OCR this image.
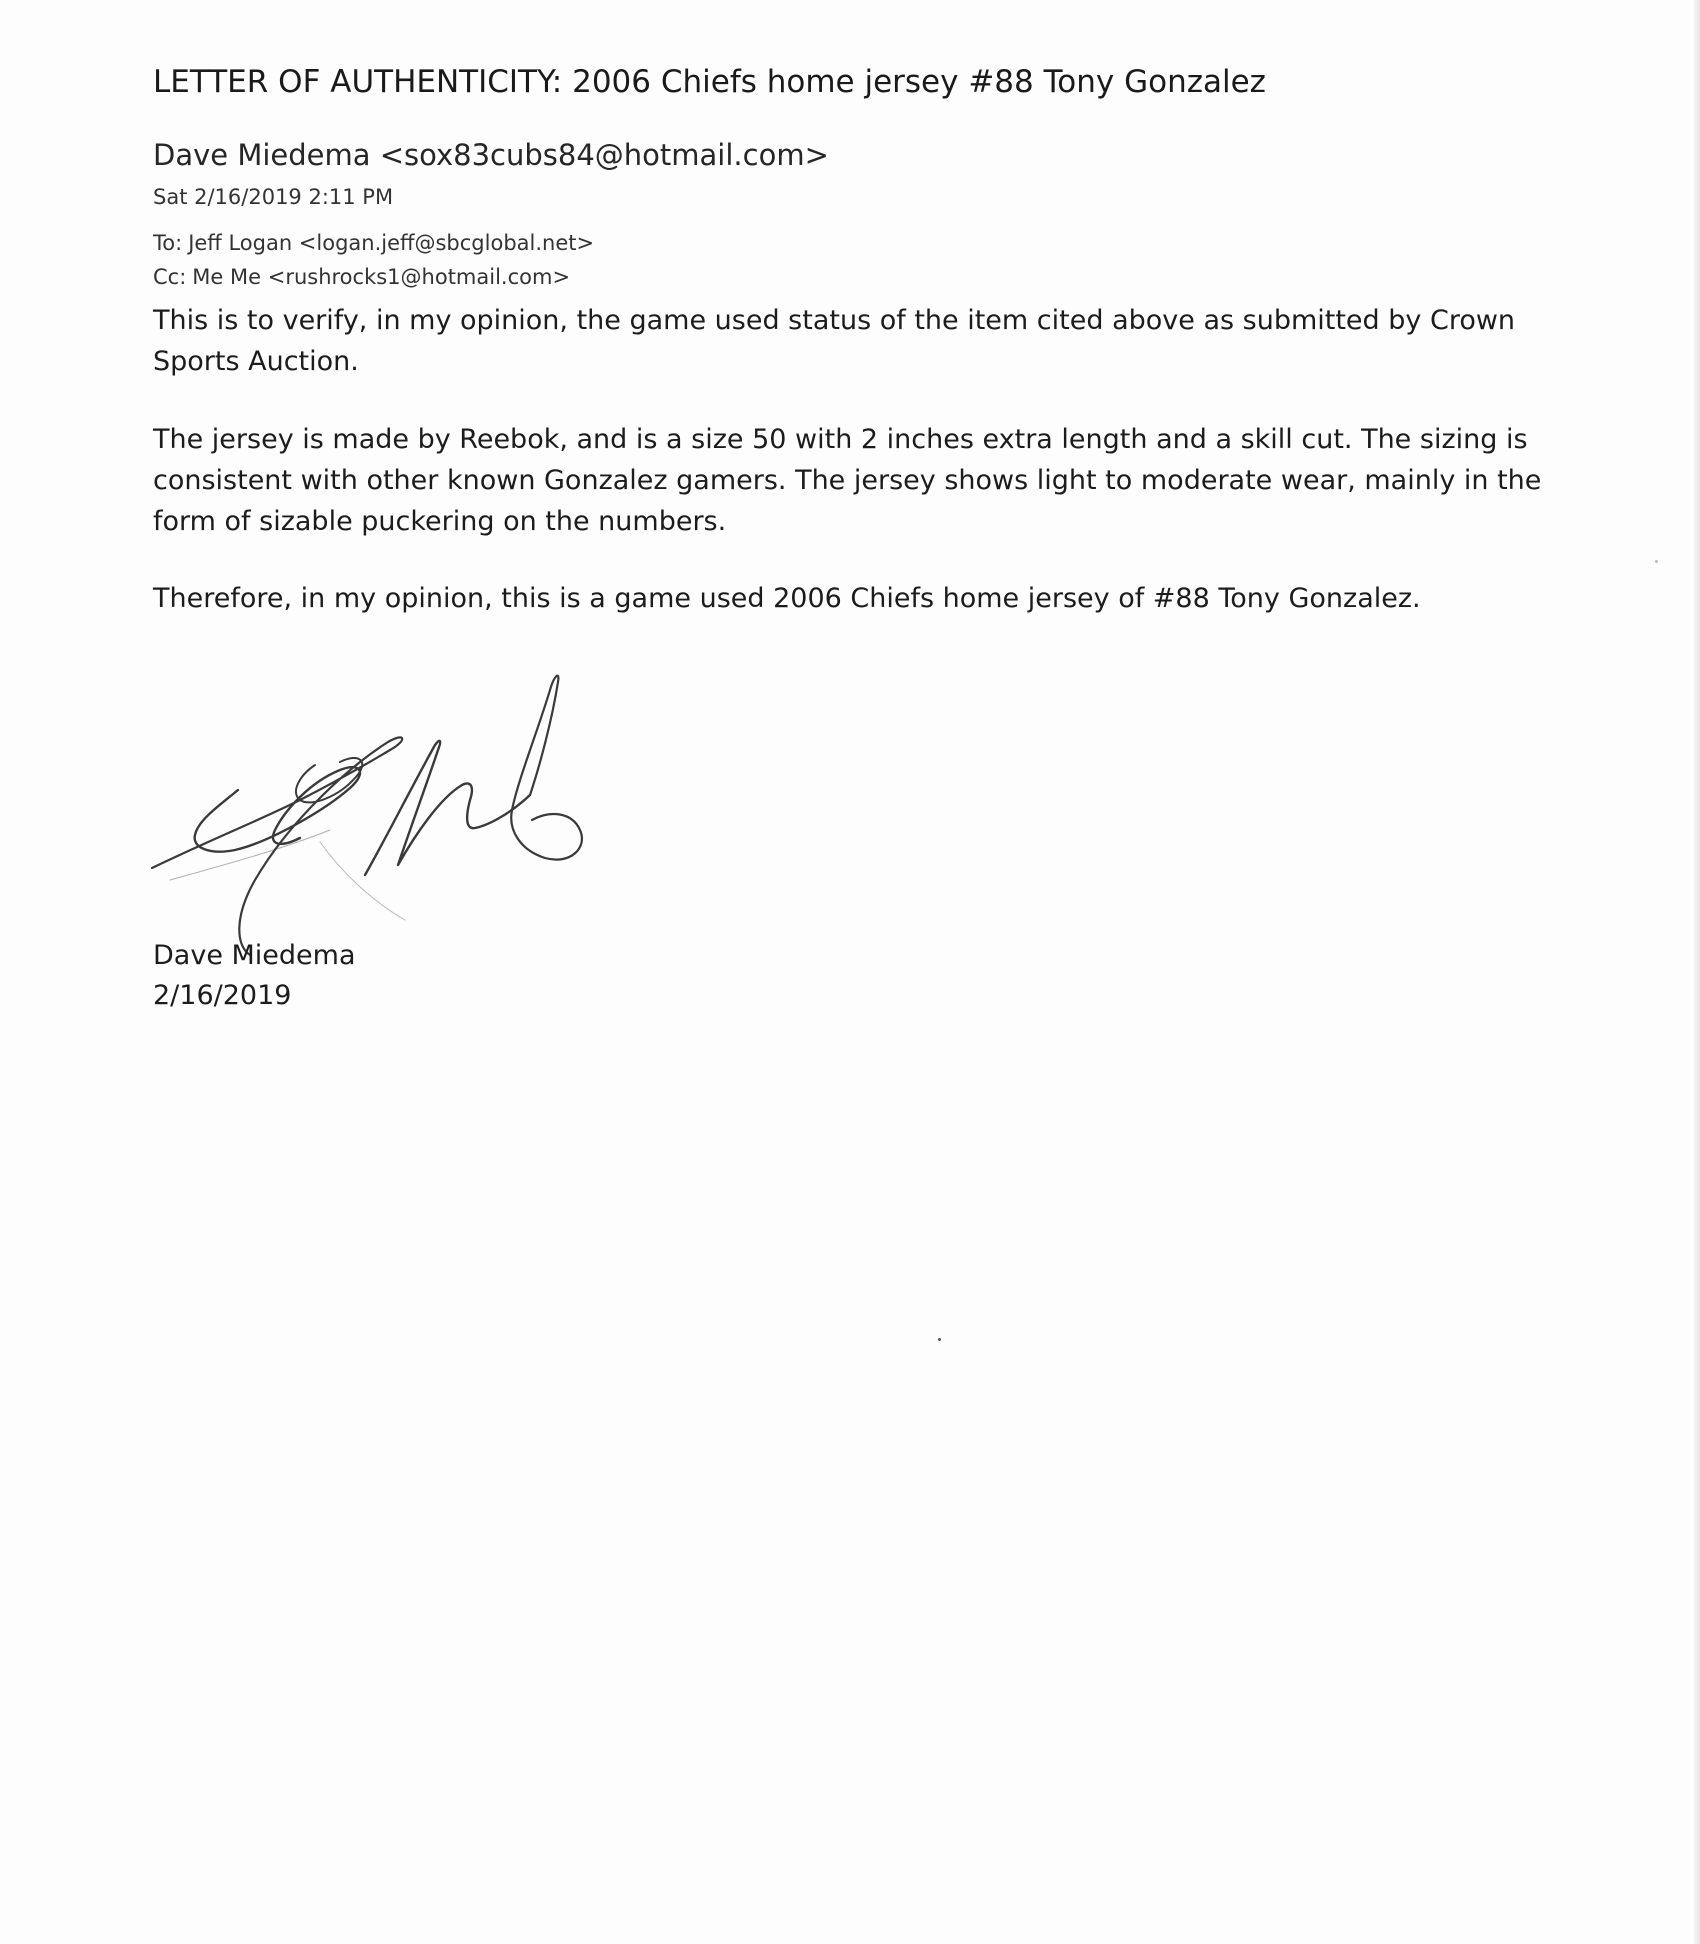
LETTER OF AUTHENTICITY: 2006 Chiefs home jersey #88 Tony Gonzalez
Dave Miedema <sox83cubs84@hotmail.com>
Sat 2/16/2019 2:11 PM
To: Jeff Logan <logan.jeff@sbcglobal.net>
Cc: Me Me <rushrocks1@hotmail.com>
This is to verify, in my opinion, the game used status of the item cited above as submitted by Crown Sports Auction.
The jersey is made by Reebok, and is a size 50 with 2 inches extra length and a skill cut. The sizing is consistent with other known Gonzalez gamers. The jersey shows light to moderate wear, mainly in the form of sizable puckering on the numbers.
Therefore, in my opinion, this is a game used 2006 Chiefs home jersey of #88 Tony Gonzalez.
Dave Miedema
2/16/2019
